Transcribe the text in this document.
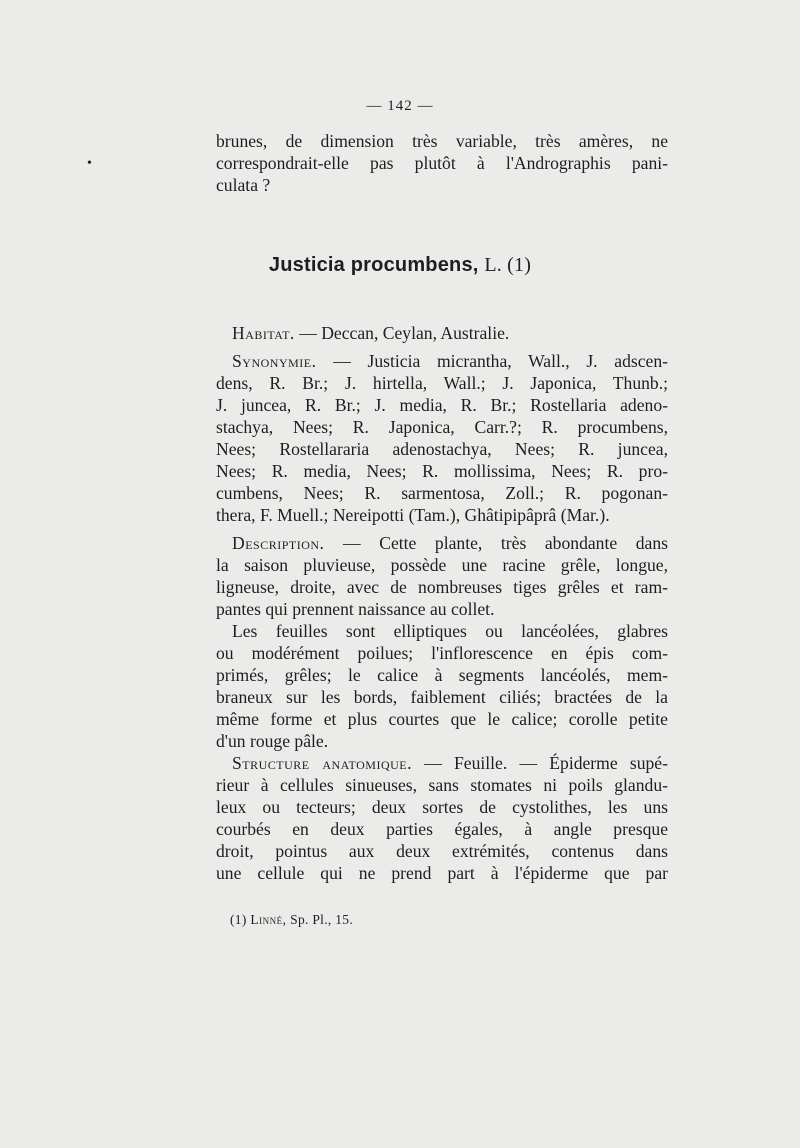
— 142 —
•
brunes, de dimension très variable, très amères, ne
correspondrait-elle pas plutôt à l'Andrographis pani-
culata ?
Justicia procumbens, L. (1)
Habitat. — Deccan, Ceylan, Australie.
Synonymie. — Justicia micrantha, Wall., J. adscen-
dens, R. Br.; J. hirtella, Wall.; J. Japonica, Thunb.;
J. juncea, R. Br.; J. media, R. Br.; Rostellaria adeno-
stachya, Nees; R. Japonica, Carr.?; R. procumbens,
Nees; Rostellararia adenostachya, Nees; R. juncea,
Nees; R. media, Nees; R. mollissima, Nees; R. pro-
cumbens, Nees; R. sarmentosa, Zoll.; R. pogonan-
thera, F. Muell.; Nereipotti (Tam.), Ghâtipipâprâ (Mar.).
Description. — Cette plante, très abondante dans
la saison pluvieuse, possède une racine grêle, longue,
ligneuse, droite, avec de nombreuses tiges grêles et ram-
pantes qui prennent naissance au collet.
Les feuilles sont elliptiques ou lancéolées, glabres
ou modérément poilues; l'inflorescence en épis com-
primés, grêles; le calice à segments lancéolés, mem-
braneux sur les bords, faiblement ciliés; bractées de la
même forme et plus courtes que le calice; corolle petite
d'un rouge pâle.
Structure anatomique. — Feuille. — Épiderme supé-
rieur à cellules sinueuses, sans stomates ni poils glandu-
leux ou tecteurs; deux sortes de cystolithes, les uns
courbés en deux parties égales, à angle presque
droit, pointus aux deux extrémités, contenus dans
une cellule qui ne prend part à l'épiderme que par
(1) Linné, Sp. Pl., 15.
